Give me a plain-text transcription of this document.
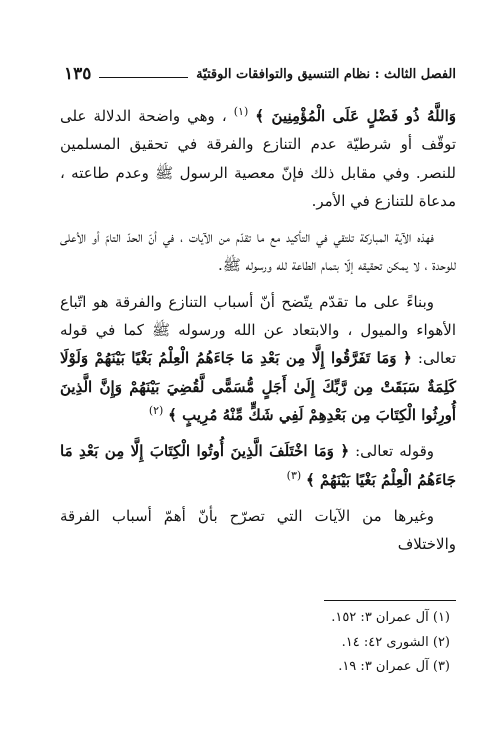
الفصل الثالث : نظام التنسيق والتوافقات الوقتيّة
١٣٥

وَاللَّهُ ذُو فَضْلٍ عَلَى الْمُؤْمِنِينَ ﴾ $^{(١)}$ ، وهي واضحة الدلالة على توقّف أو شرطيّة عدم التنازع والفرقة في تحقيق المسلمين للنصر. وفي مقابل ذلك فإنّ معصية الرسول ﷺ وعدم طاعته ، مدعاة للتنازع في الأمر.

فهذه الآية المباركة تلتقي في التأكيد مع ما تقدّم من الآيات ، في أنّ الحدّ التامّ أو الأعلى للوحدة ، لا يمكن تحقيقه إلّا بتمام الطاعة لله ورسوله ﷺ.

وبناءً على ما تقدّم يتّضح أنّ أسباب التنازع والفرقة هو اتّباع الأهواء والميول ، والابتعاد عن الله ورسوله ﷺ كما في قوله تعالى: ﴿ وَمَا تَفَرَّقُوا إِلَّا مِن بَعْدِ مَا جَاءَهُمُ الْعِلْمُ بَغْيًا بَيْنَهُمْ وَلَوْلَا كَلِمَةٌ سَبَقَتْ مِن رَّبِّكَ إِلَىٰ أَجَلٍ مُّسَمًّى لَّقُضِيَ بَيْنَهُمْ وَإِنَّ الَّذِينَ أُورِثُوا الْكِتَابَ مِن بَعْدِهِمْ لَفِي شَكٍّ مِّنْهُ مُرِيبٍ ﴾ $^{(٢)}$

وقوله تعالى: ﴿ وَمَا اخْتَلَفَ الَّذِينَ أُوتُوا الْكِتَابَ إِلَّا مِن بَعْدِ مَا جَاءَهُمُ الْعِلْمُ بَغْيًا بَيْنَهُمْ ﴾ $^{(٣)}$

وغيرها من الآيات التي تصرّح بأنّ أهمّ أسباب الفرقة والاختلاف

(١) آل عمران ٣: ١٥٢.
(٢) الشورى ٤٢: ١٤.
(٣) آل عمران ٣: ١٩.
